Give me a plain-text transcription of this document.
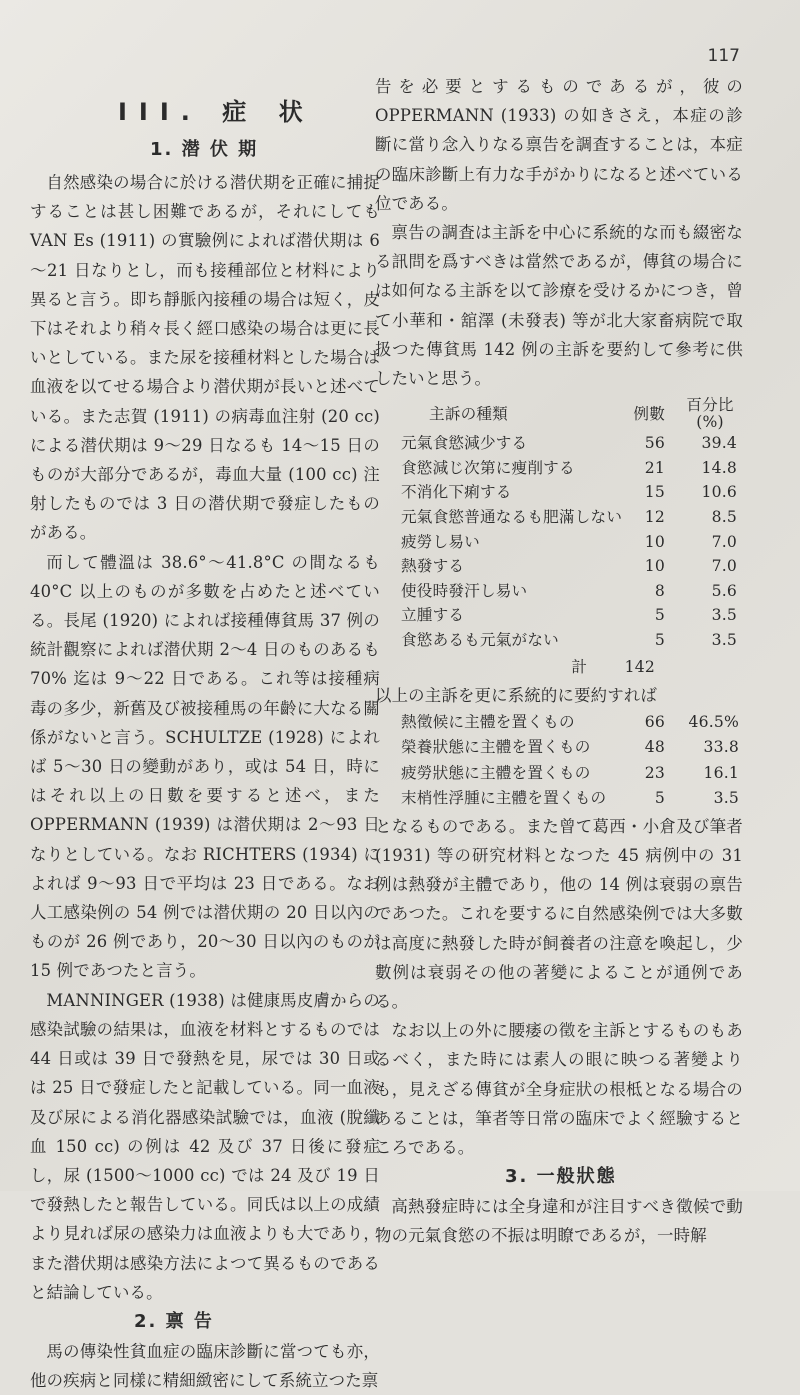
117
III. 症 状
1. 潜 伏 期

自然感染の場合に於ける潜伏期を正確に捕捉することは甚し困難であるが，それにしても VAN Es (1911) の實驗例によれば潜伏期は 6～21 日なりとし，而も接種部位と材料により異ると言う。即ち靜脈內接種の場合は短く，皮下はそれより稍々長く經口感染の場合は更に長いとしている。また尿を接種材料とした場合は血液を以てせる場合より潜伏期が長いと述べている。また志賀 (1911) の病毒血注射 (20 cc) による潜伏期は 9～29 日なるも 14～15 日のものが大部分であるが，毒血大量 (100 cc) 注射したものでは 3 日の潜伏期で發症したものがある。

而して體溫は 38.6°～41.8°C の間なるも 40°C 以上のものが多數を占めたと述べている。長尾 (1920) によれば接種傳貧馬 37 例の統計觀察によれば潜伏期 2～4 日のものあるも 70% 迄は 9～22 日である。これ等は接種病毒の多少，新舊及び被接種馬の年齡に大なる關係がないと言う。SCHULTZE (1928) によれば 5～30 日の變動があり，或は 54 日，時にはそれ以上の日數を要すると述べ，また OPPERMANN (1939) は潜伏期は 2～93 日なりとしている。なお RICHTERS (1934) によれば 9～93 日で平均は 23 日である。なお人工感染例の 54 例では潜伏期の 20 日以內のものが 26 例であり，20～30 日以內のものが 15 例であつたと言う。

MANNINGER (1938) は健康馬皮膚からの感染試驗の結果は，血液を材料とするものでは 44 日或は 39 日で發熱を見，尿では 30 日或は 25 日で發症したと記載している。同一血液及び尿による消化器感染試驗では，血液 (脫纖血 150 cc) の例は 42 及び 37 日後に發症し，尿 (1500～1000 cc) では 24 及び 19 日で發熱したと報告している。同氏は以上の成績より見れば尿の感染力は血液よりも大であり，また潜伏期は感染方法によつて異るものであると結論している。

2. 禀 告

馬の傳染性貧血症の臨床診斷に當つても亦，他の疾病と同樣に精細緻密にして系統立つた禀

告を必要とするものであるが，彼の OPPERMANN (1933) の如きさえ，本症の診斷に當り念入りなる禀告を調査することは，本症の臨床診斷上有力な手がかりになると述べている位である。

禀告の調査は主訴を中心に系統的な而も綴密なる訊問を爲すべきは當然であるが，傳貧の場合には如何なる主訴を以て診療を受けるかにつき，曾て小華和・舘澤 (未發表) 等が北大家畜病院で取扱つた傳貧馬 142 例の主訴を要約して參考に供したいと思う。

主訴の種類	例數 百分比
(%)
元氣食慾減少する	56	39.4
食慾減じ次第に痩削する	21	14.8
不消化下痢する	15	10.6
元氣食慾普通なるも肥滿しない	12	8.5
疲勞し易い	10	7.0
熱發する	10	7.0
使役時發汗し易い	8	5.6
立腫する	5	3.5
食慾あるも元氣がない	5	3.5
計	142

以上の主訴を更に系統的に要約すれば

熱徵候に主體を置くもの	66	46.5%
榮養狀態に主體を置くもの	48	33.8
疲勞狀態に主體を置くもの	23	16.1
末梢性浮腫に主體を置くもの	5	3.5

となるものである。また曾て葛西・小倉及び筆者 (1931) 等の研究材料となつた 45 病例中の 31 例は熱發が主體であり，他の 14 例は衰弱の禀告であつた。これを要するに自然感染例では大多數は高度に熱發した時が飼養者の注意を喚起し，少數例は衰弱その他の著變によることが通例である。

なお以上の外に腰痿の徵を主訴とするものもあるべく，また時には素人の眼に映つる著變よりも，見えざる傳貧が全身症狀の根柢となる場合のあることは，筆者等日常の臨床でよく經驗するところである。

3. 一般狀態

高熱發症時には全身違和が注目すべき徵候で動物の元氣食慾の不振は明瞭であるが，一時解
